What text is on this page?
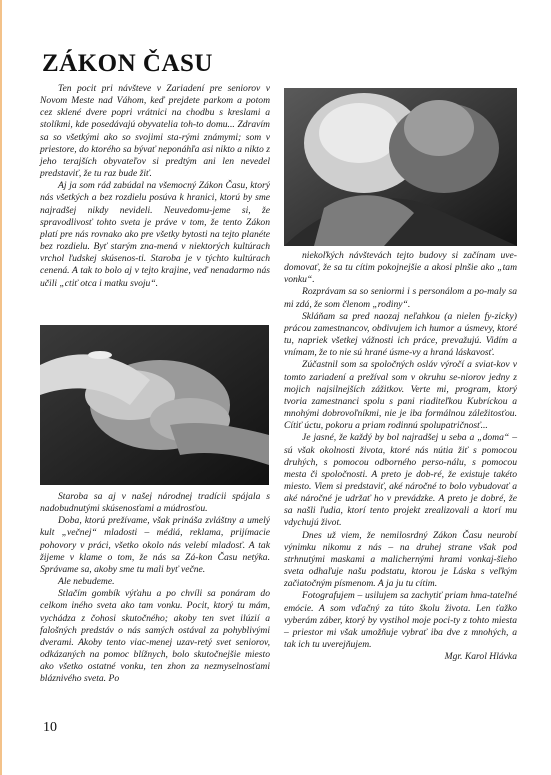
ZÁKON ČASU

Ten pocit pri návšteve v Zariadení pre seniorov v Novom Meste nad Váhom, keď prejdete parkom a potom cez sklené dvere popri vrátnici na chodbu s kreslami a stolíkmi, kde posedávajú obyvatelia toh-to domu... Zdravím sa so všetkými ako so svojimi sta-rými známymi; som v priestore, do ktorého sa bývať neponáhľa asi nikto a nikto z jeho terajších obyvateľov si predtým ani len nevedel predstaviť, že tu raz bude žiť.

Aj ja som rád zabúdal na všemocný Zákon Času, ktorý nás všetkých a bez rozdielu posúva k hranici, ktorú by sme najradšej nikdy nevideli. Neuvedomu-jeme si, že spravodlivosť tohto sveta je práve v tom, že tento Zákon platí pre nás rovnako ako pre všetky bytosti na tejto planéte bez rozdielu. Byť starým zna-mená v niektorých kultúrach vrchol ľudskej skúsenos-ti. Staroba je v týchto kultúrach cenená. A tak to bolo aj v tejto krajine, veď nenadarmo nás učili „ctiť otca i matku svoju“.

Staroba sa aj v našej národnej tradícii spájala s nadobudnutými skúsenosťami a múdrosťou.

Doba, ktorú prežívame, však prináša zvláštny a umelý kult „večnej“ mladosti – médiá, reklama, prijímacie pohovory v práci, všetko okolo nás velebí mladosť. A tak žijeme v klame o tom, že nás sa Zá-kon Času netýka. Správame sa, akoby sme tu mali byť večne.

Ale nebudeme.

Stlačím gombík výťahu a po chvíli sa ponáram do celkom iného sveta ako tam vonku. Pocit, ktorý tu mám, vychádza z čohosi skutočného; akoby ten svet ilúzií a falošných predstáv o nás samých ostával za pohyblivými dverami. Akoby tento viac-menej uzav-retý svet seniorov, odkázaných na pomoc blížnych, bolo skutočnejšie miesto ako všetko ostatné vonku, ten zhon za nezmyselnosťami bláznivého sveta. Po

niekoľkých návštevách tejto budovy si začínam uve-domovať, že sa tu cítim pokojnejšie a akosi plnšie ako „tam vonku“.

Rozprávam sa so seniormi i s personálom a po-maly sa mi zdá, že som členom „rodiny“.

Skláňam sa pred naozaj neľahkou (a nielen fy-zicky) prácou zamestnancov, obdivujem ich humor a úsmevy, ktoré tu, napriek všetkej vážnosti ich práce, prevažujú. Vidím a vnímam, že to nie sú hrané úsme-vy a hraná láskavosť.

Zúčastnil som sa spoločných osláv výročí a sviat-kov v tomto zariadení a prežíval som v okruhu se-niorov jedny z mojich najsilnejších zážitkov. Verte mi, program, ktorý tvoria zamestnanci spolu s pani riaditeľkou Kubríckou a mnohými dobrovoľníkmi, nie je iba formálnou záležitosťou. Cítiť úctu, pokoru a priam rodinnú spolupatričnosť...

Je jasné, že každý by bol najradšej u seba a „doma“ – sú však okolnosti života, ktoré nás nútia žiť s pomocou druhých, s pomocou odborného perso-nálu, s pomocou mesta či spoločnosti. A preto je dob-ré, že existuje takéto miesto. Viem si predstaviť, aké náročné to bolo vybudovať a aké náročné je udržať ho v prevádzke. A preto je dobré, že sa našli ľudia, ktorí tento projekt zrealizovali a ktorí mu vdychujú život.

Dnes už viem, že nemilosrdný Zákon Času neurobí výnimku nikomu z nás – na druhej strane však pod strhnutými maskami a malichernými hrami vonkaj-šieho sveta odhaľuje našu podstatu, ktorou je Láska s veľkým začiatočným písmenom. A ja ju tu cítim.

Fotografujem – usilujem sa zachytiť priam hma-tateľné emócie. A som vďačný za túto školu života. Len ťažko vyberám záber, ktorý by vystihol moje poci-ty z tohto miesta – priestor mi však umožňuje vybrať iba dve z mnohých, a tak ich tu uverejňujem.

Mgr. Karol Hlávka

10
